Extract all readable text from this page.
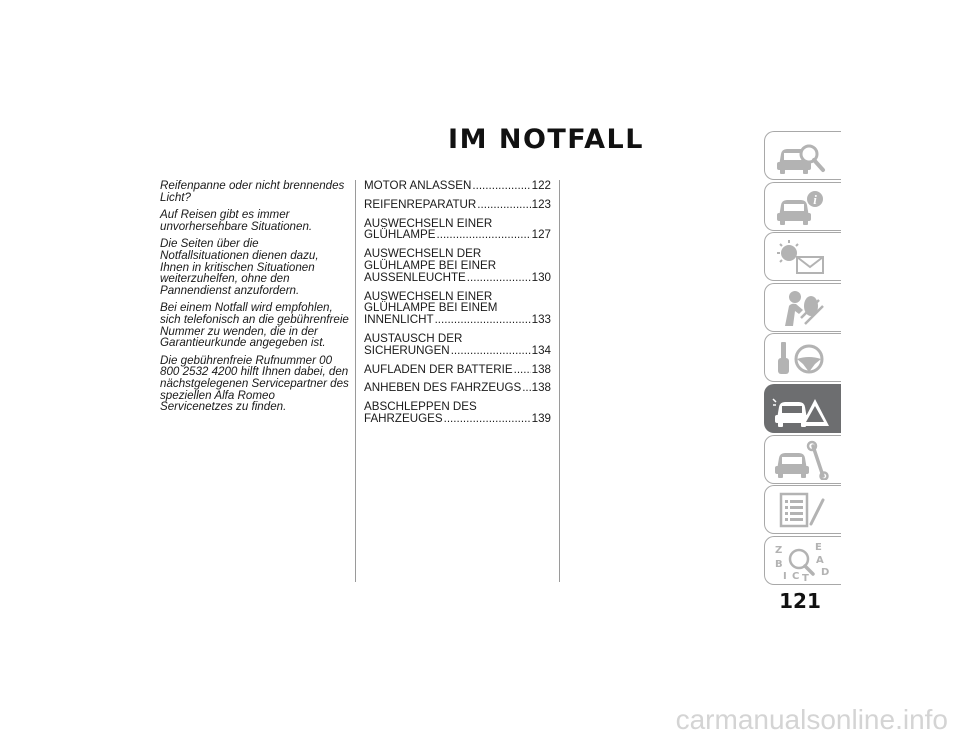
IM NOTFALL

Reifenpanne oder nicht brennendes Licht?

Auf Reisen gibt es immer unvorhersehbare Situationen.

Die Seiten über die Notfallsituationen dienen dazu, Ihnen in kritischen Situationen weiterzuhelfen, ohne den Pannendienst anzufordern.

Bei einem Notfall wird empfohlen, sich telefonisch an die gebührenfreie Nummer zu wenden, die in der Garantieurkunde angegeben ist.

Die gebührenfreie Rufnummer 00 800 2532 4200 hilft Ihnen dabei, den nächstgelegenen Servicepartner des speziellen Alfa Romeo Servicenetzes zu finden.

MOTOR ANLASSEN .....	122
REIFENREPARATUR .....	123
AUSWECHSELN EINER
GLÜHLAMPE .....	127
AUSWECHSELN DER
GLÜHLAMPE BEI EINER
AUSSENLEUCHTE .....	130
AUSWECHSELN EINER
GLÜHLAMPE BEI EINEM
INNENLICHT .....	133
AUSTAUSCH DER
SICHERUNGEN .....	134
AUFLADEN DER BATTERIE ..... 138
ANHEBEN DES FAHRZEUGS ..... 138
ABSCHLEPPEN DES
FAHRZEUGES .....	139
i
Z	E
B	A
D
I C T
121
carmanualsonline.info
